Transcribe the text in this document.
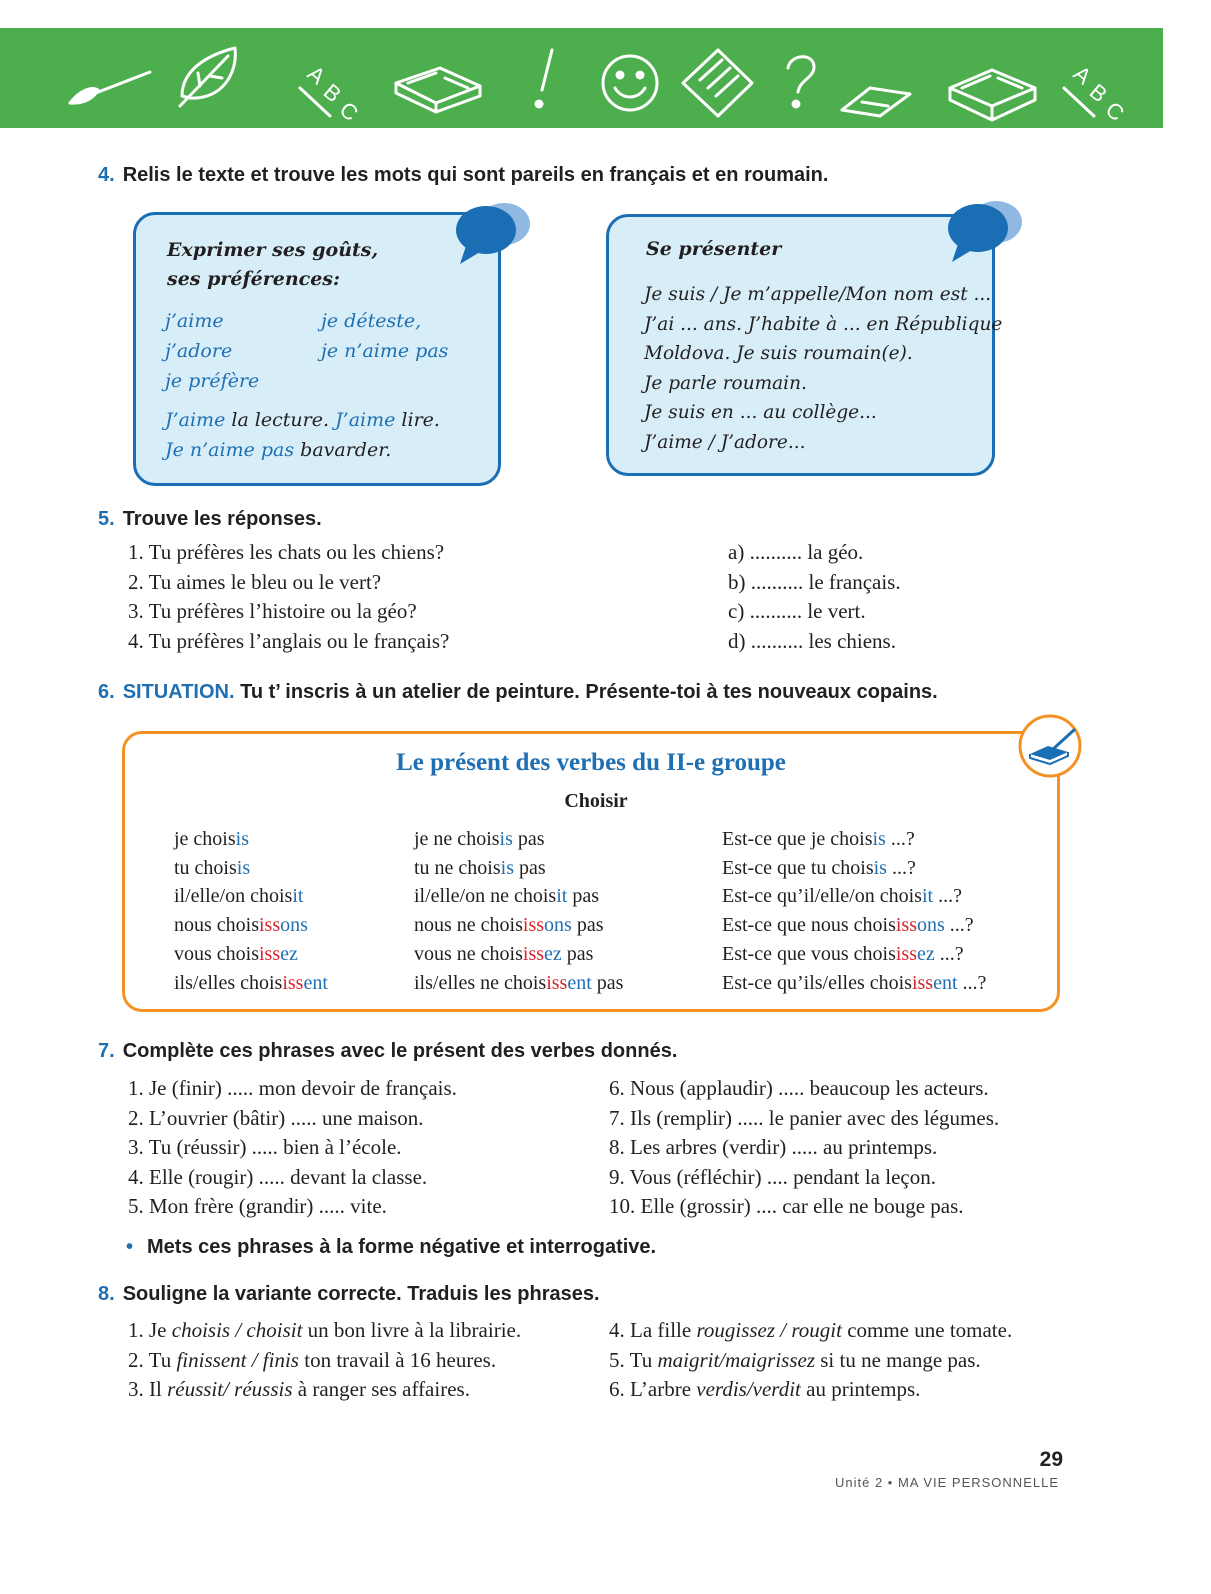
A
B
C
A
B
C
4. Relis le texte et trouve les mots qui sont pareils en français et en roumain.
Exprimer ses goûts,
ses préférences:
j’aime
j’adore
je préfère
je déteste,
je n’aime pas
J’aime la lecture. J’aime lire.
Je n’aime pas bavarder.
Se présenter
Je suis / Je m’appelle/Mon nom est ...
J’ai ... ans. J’habite à ... en République
Moldova. Je suis roumain(e).
Je parle roumain.
Je suis en ... au collège...
J’aime / J’adore...
5. Trouve les réponses.
1. Tu préfères les chats ou les chiens?
2. Tu aimes le bleu ou le vert?
3. Tu préfères l’histoire ou la géo?
4. Tu préfères l’anglais ou le français?
a) .......... la géo.
b) .......... le français.
c) .......... le vert.
d) .......... les chiens.
6. SITUATION. Tu t’ inscris à un atelier de peinture. Présente-toi à tes nouveaux copains.
Le présent des verbes du II-e groupe
Choisir
je choisis
tu choisis
il/elle/on choisit
nous choisissons
vous choisissez
ils/elles choisissent
je ne choisis pas
tu ne choisis pas
il/elle/on ne choisit pas
nous ne choisissons pas
vous ne choisissez pas
ils/elles ne choisissent pas
Est-ce que je choisis ...?
Est-ce que tu choisis ...?
Est-ce qu’il/elle/on choisit ...?
Est-ce que nous choisissons ...?
Est-ce que vous choisissez ...?
Est-ce qu’ils/elles choisissent ...?
7. Complète ces phrases avec le présent des verbes donnés.
1. Je (finir) ..... mon devoir de français.
2. L’ouvrier (bâtir) ..... une maison.
3. Tu (réussir) ..... bien à l’école.
4. Elle (rougir) ..... devant la classe.
5. Mon frère (grandir) ..... vite.
6. Nous (applaudir) ..... beaucoup les acteurs.
7. Ils (remplir) ..... le panier avec des légumes.
8. Les arbres (verdir) ..... au printemps.
9. Vous (réfléchir) .... pendant la leçon.
10. Elle (grossir) .... car elle ne bouge pas.
• Mets ces phrases à la forme négative et interrogative.
8. Souligne la variante correcte. Traduis les phrases.
1. Je choisis / choisit un bon livre à la librairie.
2. Tu finissent / finis ton travail à 16 heures.
3. Il réussit/ réussis à ranger ses affaires.
4. La fille rougissez / rougit comme une tomate.
5. Tu maigrit/maigrissez si tu ne mange pas.
6. L’arbre verdis/verdit au printemps.
29
Unité 2 • MA VIE PERSONNELLE
